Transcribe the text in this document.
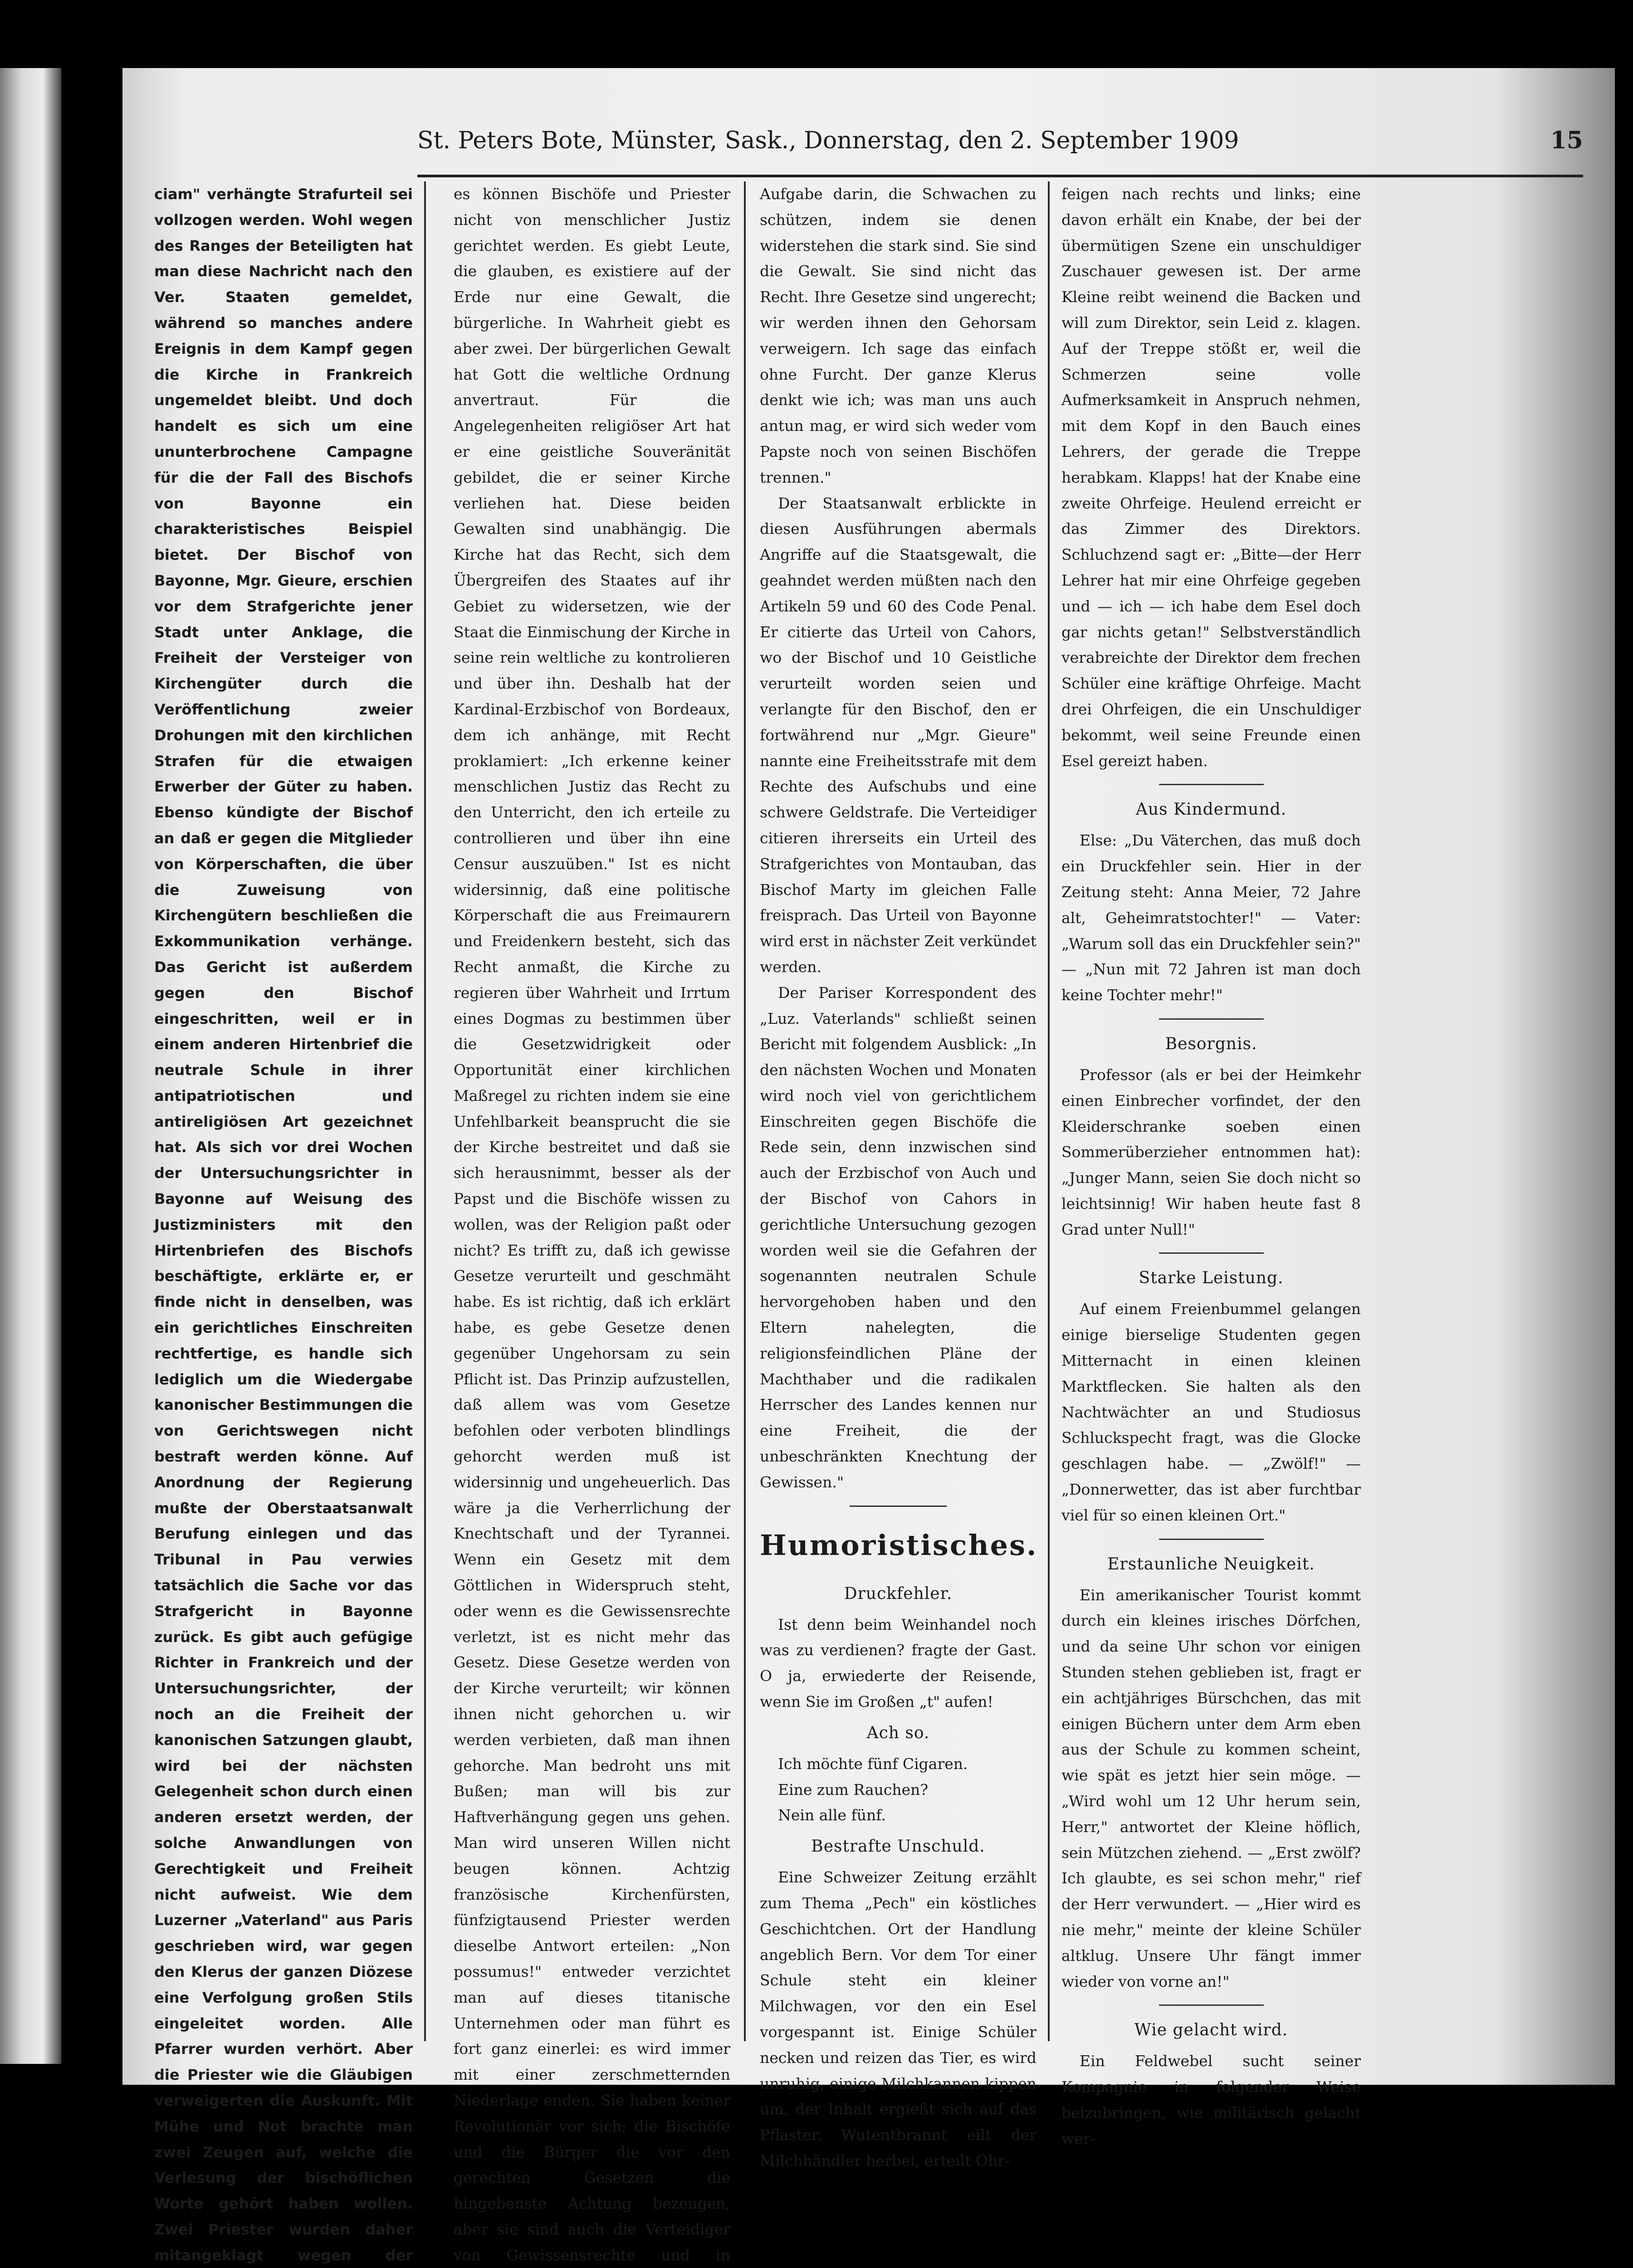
St. Peters Bote, Münster, Sask., Donnerstag, den 2. September 1909	15

ciam" verhängte Strafurteil sei vollzogen werden. Wohl wegen des Ranges der Beteiligten hat man diese Nachricht nach den Ver. Staaten gemeldet, während so manches andere Ereignis in dem Kampf gegen die Kirche in Frankreich ungemeldet bleibt. Und doch handelt es sich um eine ununterbrochene Campagne für die der Fall des Bischofs von Bayonne ein charakteristisches Beispiel bietet. Der Bischof von Bayonne, Mgr. Gieure, erschien vor dem Strafgerichte jener Stadt unter Anklage, die Freiheit der Versteiger von Kirchengüter durch die Veröffentlichung zweier Drohungen mit den kirchlichen Strafen für die etwaigen Erwerber der Güter zu haben. Ebenso kündigte der Bischof an daß er gegen die Mitglieder von Körperschaften, die über die Zuweisung von Kirchengütern beschließen die Exkommunikation verhänge. Das Gericht ist außerdem gegen den Bischof eingeschritten, weil er in einem anderen Hirtenbrief die neutrale Schule in ihrer antipatriotischen und antireligiösen Art gezeichnet hat. Als sich vor drei Wochen der Untersuchungsrichter in Bayonne auf Weisung des Justizministers mit den Hirtenbriefen des Bischofs beschäftigte, erklärte er, er finde nicht in denselben, was ein gerichtliches Einschreiten rechtfertige, es handle sich lediglich um die Wiedergabe kanonischer Bestimmungen die von Gerichtswegen nicht bestraft werden könne. Auf Anordnung der Regierung mußte der Oberstaatsanwalt Berufung einlegen und das Tribunal in Pau verwies tatsächlich die Sache vor das Strafgericht in Bayonne zurück. Es gibt auch gefügige Richter in Frankreich und der Untersuchungsrichter, der noch an die Freiheit der kanonischen Satzungen glaubt, wird bei der nächsten Gelegenheit schon durch einen anderen ersetzt werden, der solche Anwandlungen von Gerechtigkeit und Freiheit nicht aufweist. Wie dem Luzerner „Vaterland" aus Paris geschrieben wird, war gegen den Klerus der ganzen Diözese eine Verfolgung großen Stils eingeleitet worden. Alle Pfarrer wurden verhört. Aber die Priester wie die Gläubigen verweigerten die Auskunft. Mit Mühe und Not brachte man zwei Zeugen auf, welche die Verlesung der bischöflichen Worte gehört haben wollen. Zwei Priester wurden daher mitangeklagt wegen der

es können Bischöfe und Priester nicht von menschlicher Justiz gerichtet werden. Es giebt Leute, die glauben, es existiere auf der Erde nur eine Gewalt, die bürgerliche. In Wahrheit giebt es aber zwei. Der bürgerlichen Gewalt hat Gott die weltliche Ordnung anvertraut. Für die Angelegenheiten religiöser Art hat er eine geistliche Souveränität gebildet, die er seiner Kirche verliehen hat. Diese beiden Gewalten sind unabhängig. Die Kirche hat das Recht, sich dem Übergreifen des Staates auf ihr Gebiet zu widersetzen, wie der Staat die Einmischung der Kirche in seine rein weltliche zu kontrolieren und über ihn. Deshalb hat der Kardinal-Erzbischof von Bordeaux, dem ich anhänge, mit Recht proklamiert: „Ich erkenne keiner menschlichen Justiz das Recht zu den Unterricht, den ich erteile zu controllieren und über ihn eine Censur auszuüben." Ist es nicht widersinnig, daß eine politische Körperschaft die aus Freimaurern und Freidenkern besteht, sich das Recht anmaßt, die Kirche zu regieren über Wahrheit und Irrtum eines Dogmas zu bestimmen über die Gesetzwidrigkeit oder Opportunität einer kirchlichen Maßregel zu richten indem sie eine Unfehlbarkeit beansprucht die sie der Kirche bestreitet und daß sie sich herausnimmt, besser als der Papst und die Bischöfe wissen zu wollen, was der Religion paßt oder nicht? Es trifft zu, daß ich gewisse Gesetze verurteilt und geschmäht habe. Es ist richtig, daß ich erklärt habe, es gebe Gesetze denen gegenüber Ungehorsam zu sein Pflicht ist. Das Prinzip aufzustellen, daß allem was vom Gesetze befohlen oder verboten blindlings gehorcht werden muß ist widersinnig und ungeheuerlich. Das wäre ja die Verherrlichung der Knechtschaft und der Tyrannei. Wenn ein Gesetz mit dem Göttlichen in Widerspruch steht, oder wenn es die Gewissensrechte verletzt, ist es nicht mehr das Gesetz. Diese Gesetze werden von der Kirche verurteilt; wir können ihnen nicht gehorchen u. wir werden verbieten, daß man ihnen gehorche. Man bedroht uns mit Bußen; man will bis zur Haftverhängung gegen uns gehen. Man wird unseren Willen nicht beugen können. Achtzig französische Kirchenfürsten, fünfzigtausend Priester werden dieselbe Antwort erteilen: „Non possumus!" entweder verzichtet man auf dieses titanische Unternehmen oder man führt es fort ganz einerlei: es wird immer mit einer zerschmetternden Niederlage enden. Sie haben keiner Revolutionär vor sich; die Bischöfe und die Bürger die vor den gerechten Gesetzen die hingebenste Achtung bezeugen, aber sie sind auch die Verteidiger von Gewissensrechte und in

Aufgabe darin, die Schwachen zu schützen, indem sie denen widerstehen die stark sind. Sie sind die Gewalt. Sie sind nicht das Recht. Ihre Gesetze sind ungerecht; wir werden ihnen den Gehorsam verweigern. Ich sage das einfach ohne Furcht. Der ganze Klerus denkt wie ich; was man uns auch antun mag, er wird sich weder vom Papste noch von seinen Bischöfen trennen."

Der Staatsanwalt erblickte in diesen Ausführungen abermals Angriffe auf die Staatsgewalt, die geahndet werden müßten nach den Artikeln 59 und 60 des Code Penal. Er citierte das Urteil von Cahors, wo der Bischof und 10 Geistliche verurteilt worden seien und verlangte für den Bischof, den er fortwährend nur „Mgr. Gieure" nannte eine Freiheitsstrafe mit dem Rechte des Aufschubs und eine schwere Geldstrafe. Die Verteidiger citieren ihrerseits ein Urteil des Strafgerichtes von Montauban, das Bischof Marty im gleichen Falle freisprach. Das Urteil von Bayonne wird erst in nächster Zeit verkündet werden.

Der Pariser Korrespondent des „Luz. Vaterlands" schließt seinen Bericht mit folgendem Ausblick: „In den nächsten Wochen und Monaten wird noch viel von gerichtlichem Einschreiten gegen Bischöfe die Rede sein, denn inzwischen sind auch der Erzbischof von Auch und der Bischof von Cahors in gerichtliche Untersuchung gezogen worden weil sie die Gefahren der sogenannten neutralen Schule hervorgehoben haben und den Eltern nahelegten, die religionsfeindlichen Pläne der Machthaber und die radikalen Herrscher des Landes kennen nur eine Freiheit, die der unbeschränkten Knechtung der Gewissen."

Humoristisches.
Druckfehler.

Ist denn beim Weinhandel noch was zu verdienen? fragte der Gast. O ja, erwiederte der Reisende, wenn Sie im Großen „t" aufen!

Ach so.

Ich möchte fünf Cigaren.

Eine zum Rauchen?

Nein alle fünf.

Bestrafte Unschuld.

Eine Schweizer Zeitung erzählt zum Thema „Pech" ein köstliches Geschichtchen. Ort der Handlung angeblich Bern. Vor dem Tor einer Schule steht ein kleiner Milchwagen, vor den ein Esel vorgespannt ist. Einige Schüler necken und reizen das Tier, es wird unruhig, einige Milchkannen kippen um, der Inhalt ergießt sich auf das Pflaster. Wutentbrannt eilt der Milchhändler herbei, erteilt Ohr-

feigen nach rechts und links; eine davon erhält ein Knabe, der bei der übermütigen Szene ein unschuldiger Zuschauer gewesen ist. Der arme Kleine reibt weinend die Backen und will zum Direktor, sein Leid z. klagen. Auf der Treppe stößt er, weil die Schmerzen seine volle Aufmerksamkeit in Anspruch nehmen, mit dem Kopf in den Bauch eines Lehrers, der gerade die Treppe herabkam. Klapps! hat der Knabe eine zweite Ohrfeige. Heulend erreicht er das Zimmer des Direktors. Schluchzend sagt er: „Bitte—der Herr Lehrer hat mir eine Ohrfeige gegeben und — ich — ich habe dem Esel doch gar nichts getan!" Selbstverständlich verabreichte der Direktor dem frechen Schüler eine kräftige Ohrfeige. Macht drei Ohrfeigen, die ein Unschuldiger bekommt, weil seine Freunde einen Esel gereizt haben.

Aus Kindermund.

Else: „Du Väterchen, das muß doch ein Druckfehler sein. Hier in der Zeitung steht: Anna Meier, 72 Jahre alt, Geheimratstochter!" — Vater: „Warum soll das ein Druckfehler sein?" — „Nun mit 72 Jahren ist man doch keine Tochter mehr!"

Besorgnis.

Professor (als er bei der Heimkehr einen Einbrecher vorfindet, der den Kleiderschranke soeben einen Sommerüberzieher entnommen hat): „Junger Mann, seien Sie doch nicht so leichtsinnig! Wir haben heute fast 8 Grad unter Null!"

Starke Leistung.

Auf einem Freienbummel gelangen einige bierselige Studenten gegen Mitternacht in einen kleinen Marktflecken. Sie halten als den Nachtwächter an und Studiosus Schluckspecht fragt, was die Glocke geschlagen habe. — „Zwölf!" — „Donnerwetter, das ist aber furchtbar viel für so einen kleinen Ort."

Erstaunliche Neuigkeit.

Ein amerikanischer Tourist kommt durch ein kleines irisches Dörfchen, und da seine Uhr schon vor einigen Stunden stehen geblieben ist, fragt er ein achtjähriges Bürschchen, das mit einigen Büchern unter dem Arm eben aus der Schule zu kommen scheint, wie spät es jetzt hier sein möge. — „Wird wohl um 12 Uhr herum sein, Herr," antwortet der Kleine höflich, sein Mützchen ziehend. — „Erst zwölf? Ich glaubte, es sei schon mehr," rief der Herr verwundert. — „Hier wird es nie mehr," meinte der kleine Schüler altklug. Unsere Uhr fängt immer wieder von vorne an!"

Wie gelacht wird.

Ein Feldwebel sucht seiner Kompagnie in folgender Weise beizubringen, wie militärisch gelacht wer-
